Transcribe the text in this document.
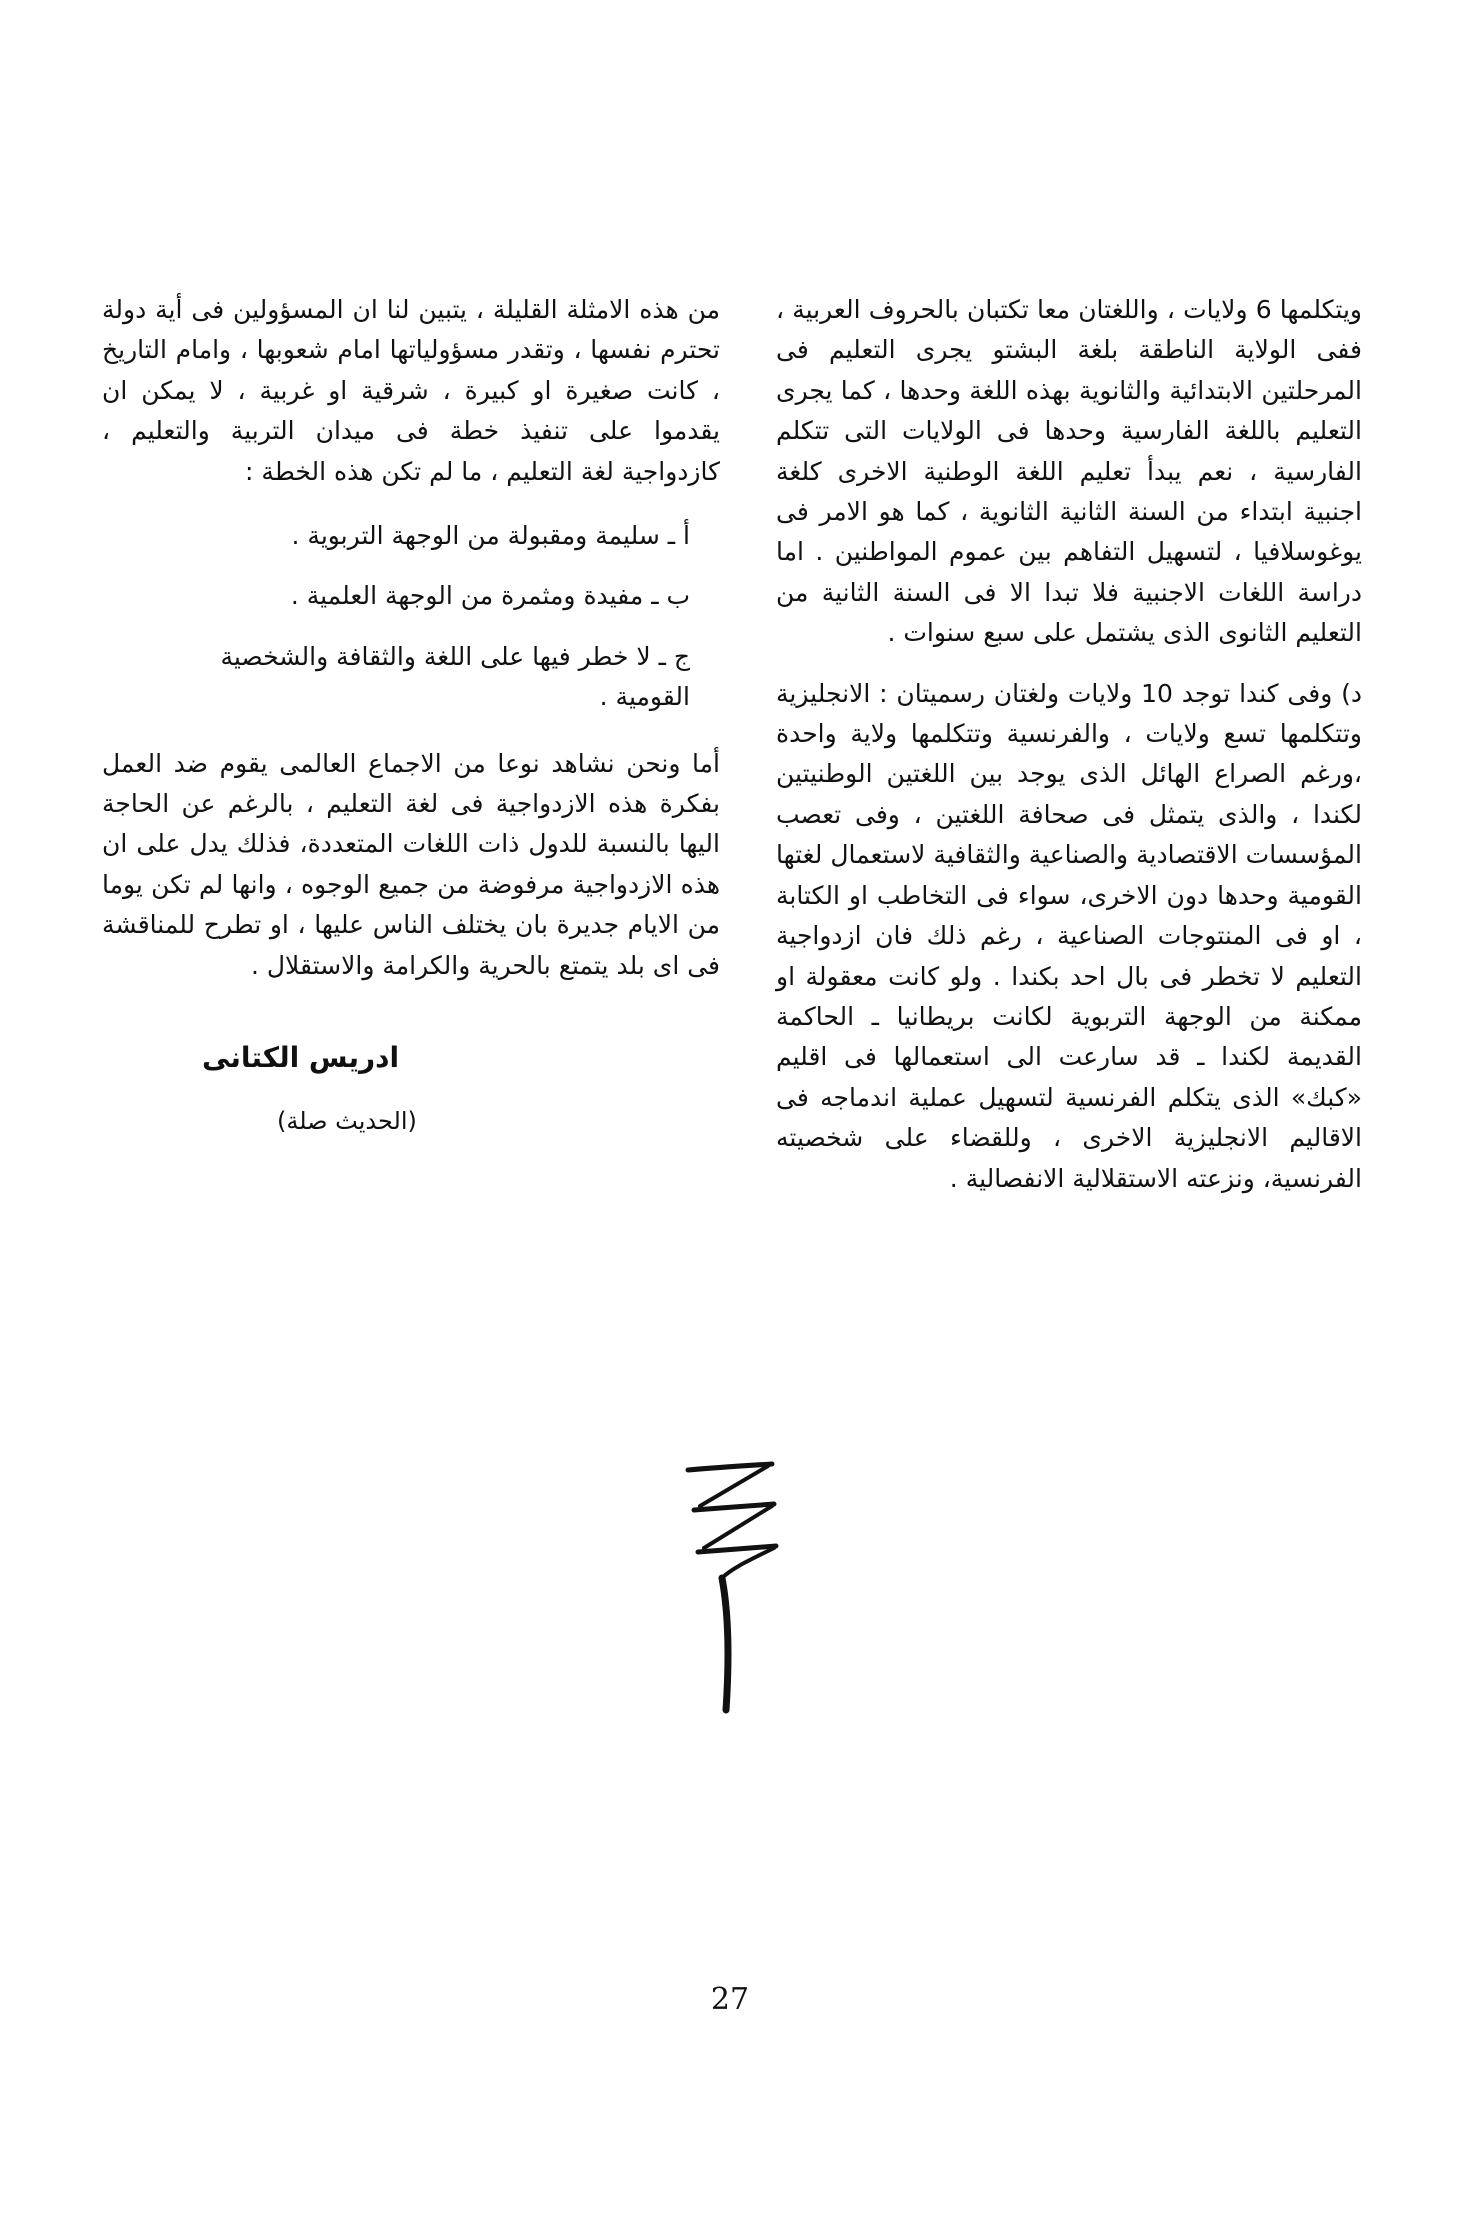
ويتكلمها 6 ولايات ، واللغتان معا تكتبان بالحروف العربية ، ففى الولاية الناطقة بلغة البشتو يجرى التعليم فى المرحلتين الابتدائية والثانوية بهذه اللغة وحدها ، كما يجرى التعليم باللغة الفارسية وحدها فى الولايات التى تتكلم الفارسية ، نعم يبدأ تعليم اللغة الوطنية الاخرى كلغة اجنبية ابتداء من السنة الثانية الثانوية ، كما هو الامر فى يوغوسلافيا ، لتسهيل التفاهم بين عموم المواطنين . اما دراسة اللغات الاجنبية فلا تبدا الا فى السنة الثانية من التعليم الثانوى الذى يشتمل على سبع سنوات .

د) وفى كندا توجد 10 ولايات ولغتان رسميتان : الانجليزية وتتكلمها تسع ولايات ، والفرنسية وتتكلمها ولاية واحدة ،ورغم الصراع الهائل الذى يوجد بين اللغتين الوطنيتين لكندا ، والذى يتمثل فى صحافة اللغتين ، وفى تعصب المؤسسات الاقتصادية والصناعية والثقافية لاستعمال لغتها القومية وحدها دون الاخرى، سواء فى التخاطب او الكتابة ، او فى المنتوجات الصناعية ، رغم ذلك فان ازدواجية التعليم لا تخطر فى بال احد بكندا . ولو كانت معقولة او ممكنة من الوجهة التربوية لكانت بريطانيا ـ الحاكمة القديمة لكندا ـ قد سارعت الى استعمالها فى اقليم «كبك» الذى يتكلم الفرنسية لتسهيل عملية اندماجه فى الاقاليم الانجليزية الاخرى ، وللقضاء على شخصيته الفرنسية، ونزعته الاستقلالية الانفصالية .

من هذه الامثلة القليلة ، يتبين لنا ان المسؤولين فى أية دولة تحترم نفسها ، وتقدر مسؤولياتها امام شعوبها ، وامام التاريخ ، كانت صغيرة او كبيرة ، شرقية او غربية ، لا يمكن ان يقدموا على تنفيذ خطة فى ميدان التربية والتعليم ، كازدواجية لغة التعليم ، ما لم تكن هذه الخطة :

أ ـ سليمة ومقبولة من الوجهة التربوية .
ب ـ مفيدة ومثمرة من الوجهة العلمية .
ج ـ لا خطر فيها على اللغة والثقافة والشخصية
القومية .

أما ونحن نشاهد نوعا من الاجماع العالمى يقوم ضد العمل بفكرة هذه الازدواجية فى لغة التعليم ، بالرغم عن الحاجة اليها بالنسبة للدول ذات اللغات المتعددة، فذلك يدل على ان هذه الازدواجية مرفوضة من جميع الوجوه ، وانها لم تكن يوما من الايام جديرة بان يختلف الناس عليها ، او تطرح للمناقشة فى اى بلد يتمتع بالحرية والكرامة والاستقلال .

ادريس الكتانى
(الحديث صلة)
27
